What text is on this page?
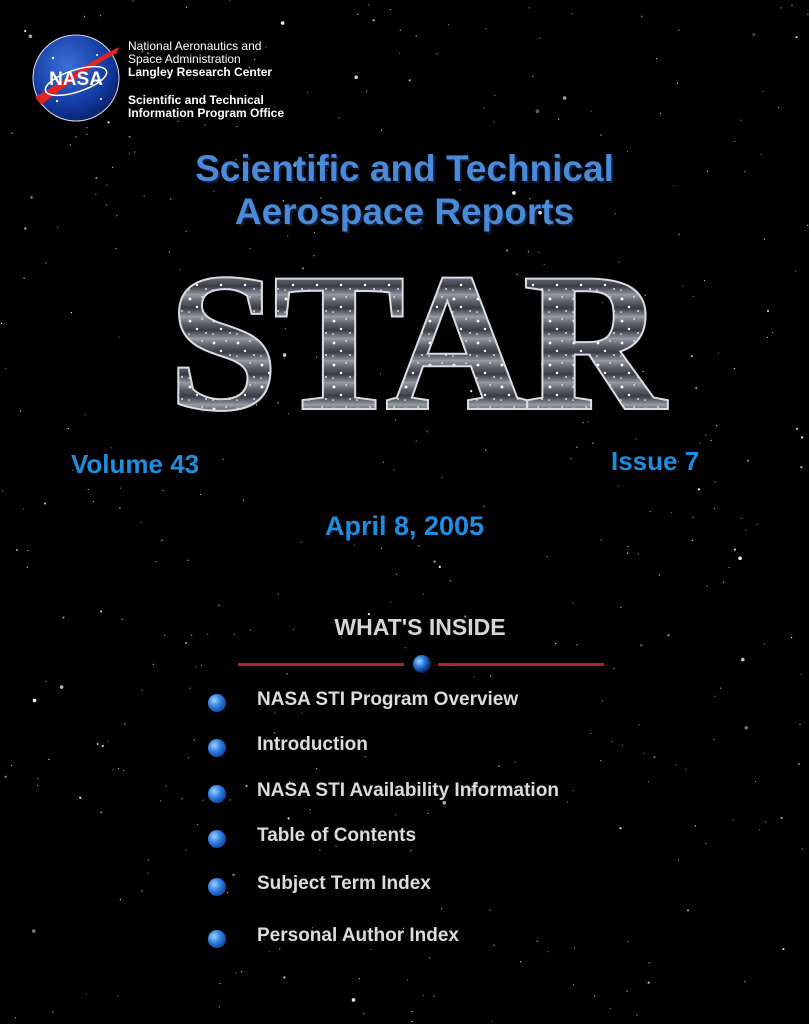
NASA
National Aeronautics and
Space Administration
Langley Research Center
Scientific and Technical
Information Program Office
Scientific and Technical
Aerospace Reports
STAR
Volume 43	Issue 7
April 8, 2005
WHAT'S INSIDE
NASA STI Program Overview
Introduction
NASA STI Availability Information
Table of Contents
Subject Term Index
Personal Author Index
